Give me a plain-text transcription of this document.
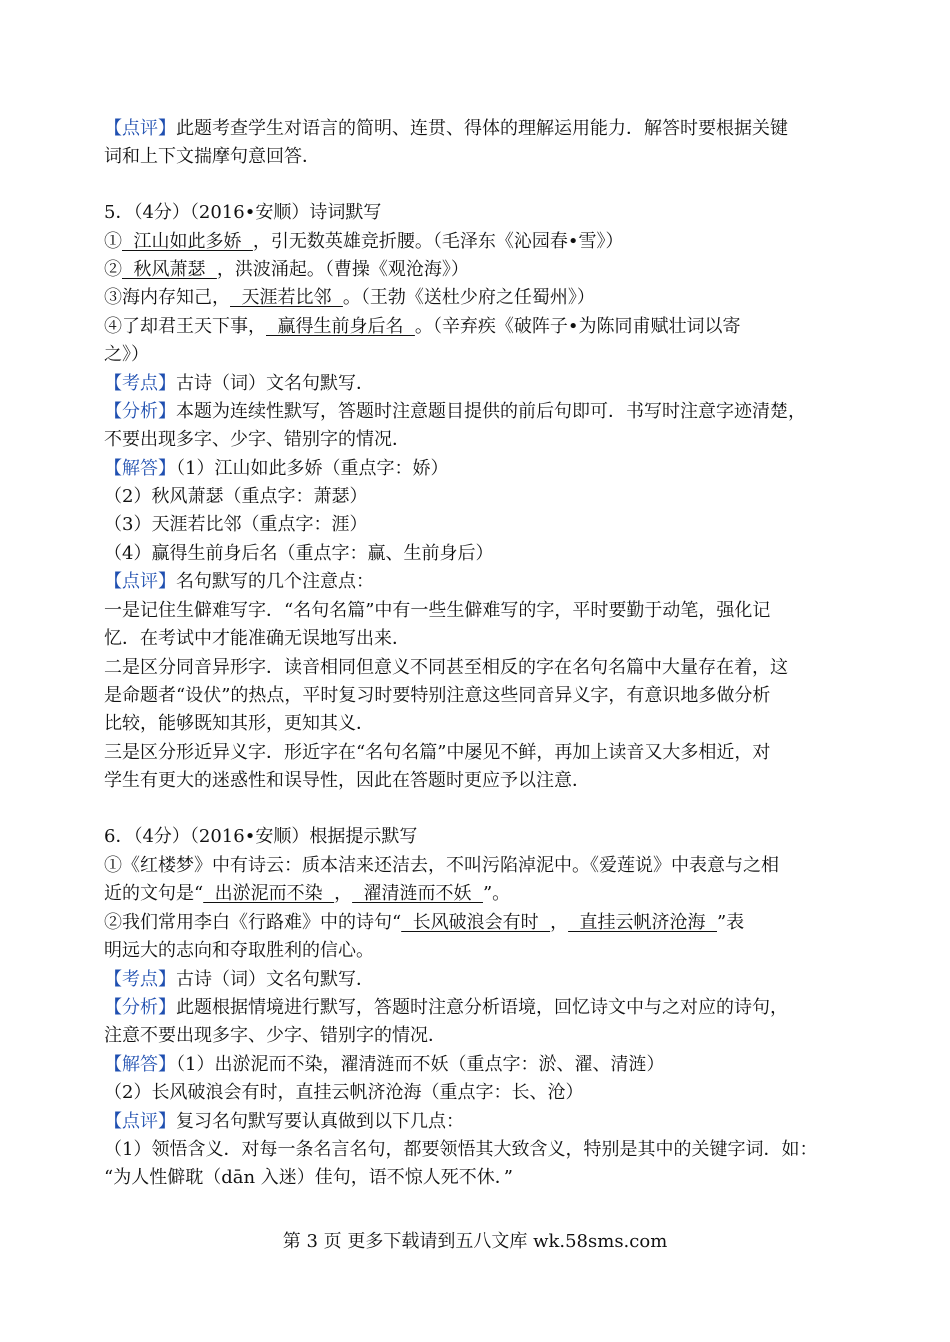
【点评】此题考查学生对语言的简明、连贯、得体的理解运用能力．解答时要根据关键
词和上下文揣摩句意回答．
5．（4分）（2016•安顺）诗词默写
①  江山如此多娇  ，引无数英雄竞折腰。（毛泽东《沁园春•雪》）
②  秋风萧瑟  ，洪波涌起。（曹操《观沧海》）
③海内存知己，  天涯若比邻  。（王勃《送杜少府之任蜀州》）
④了却君王天下事，  赢得生前身后名  。（辛弃疾《破阵子•为陈同甫赋壮词以寄
之》）
【考点】古诗（词）文名句默写．
【分析】本题为连续性默写，答题时注意题目提供的前后句即可．书写时注意字迹清楚，
不要出现多字、少字、错别字的情况．
【解答】（1）江山如此多娇（重点字：娇）
（2）秋风萧瑟（重点字：萧瑟）
（3）天涯若比邻（重点字：涯）
（4）赢得生前身后名（重点字：赢、生前身后）
【点评】名句默写的几个注意点：
一是记住生僻难写字．“名句名篇”中有一些生僻难写的字，平时要勤于动笔，强化记
忆．在考试中才能准确无误地写出来．
二是区分同音异形字．读音相同但意义不同甚至相反的字在名句名篇中大量存在着，这
是命题者“设伏”的热点，平时复习时要特别注意这些同音异义字，有意识地多做分析
比较，能够既知其形，更知其义．
三是区分形近异义字．形近字在“名句名篇”中屡见不鲜，再加上读音又大多相近，对
学生有更大的迷惑性和误导性，因此在答题时更应予以注意．
6．（4分）（2016•安顺）根据提示默写
①《红楼梦》中有诗云：质本洁来还洁去，不叫污陷淖泥中。《爱莲说》中表意与之相
近的文句是“  出淤泥而不染  ，  濯清涟而不妖  ”。
②我们常用李白《行路难》中的诗句“  长风破浪会有时  ，  直挂云帆济沧海  ”表
明远大的志向和夺取胜利的信心。
【考点】古诗（词）文名句默写．
【分析】此题根据情境进行默写，答题时注意分析语境，回忆诗文中与之对应的诗句，
注意不要出现多字、少字、错别字的情况．
【解答】（1）出淤泥而不染，濯清涟而不妖（重点字：淤、濯、清涟）
（2）长风破浪会有时，直挂云帆济沧海（重点字：长、沧）
【点评】复习名句默写要认真做到以下几点：
（1）领悟含义．对每一条名言名句，都要领悟其大致含义，特别是其中的关键字词．如：
“为人性僻耽（dān 入迷）佳句，语不惊人死不休．”
第 3 页 更多下载请到五八文库 wk.58sms.com
